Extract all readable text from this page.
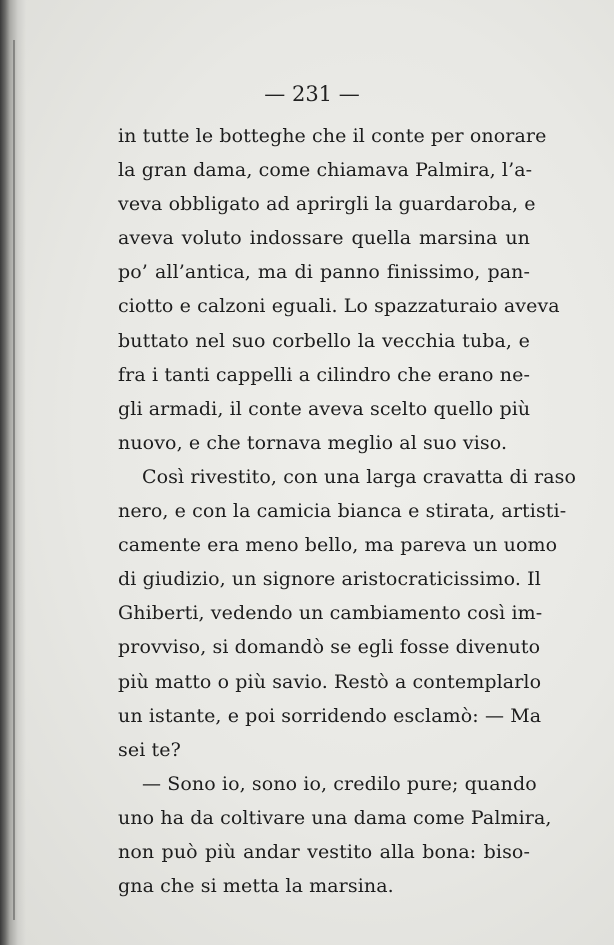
— 231 —
in tutte le botteghe che il conte per onorare
la gran dama, come chiamava Palmira, l’a-
veva obbligato ad aprirgli la guardaroba, e
aveva voluto indossare quella marsina un
po’ all’antica, ma di panno finissimo, pan-
ciotto e calzoni eguali. Lo spazzaturaio aveva
buttato nel suo corbello la vecchia tuba, e
fra i tanti cappelli a cilindro che erano ne-
gli armadi, il conte aveva scelto quello più
nuovo, e che tornava meglio al suo viso.
Così rivestito, con una larga cravatta di raso
nero, e con la camicia bianca e stirata, artisti-
camente era meno bello, ma pareva un uomo
di giudizio, un signore aristocraticissimo. Il
Ghiberti, vedendo un cambiamento così im-
provviso, si domandò se egli fosse divenuto
più matto o più savio. Restò a contemplarlo
un istante, e poi sorridendo esclamò: — Ma
sei te?
— Sono io, sono io, credilo pure; quando
uno ha da coltivare una dama come Palmira,
non può più andar vestito alla bona: biso-
gna che si metta la marsina.
